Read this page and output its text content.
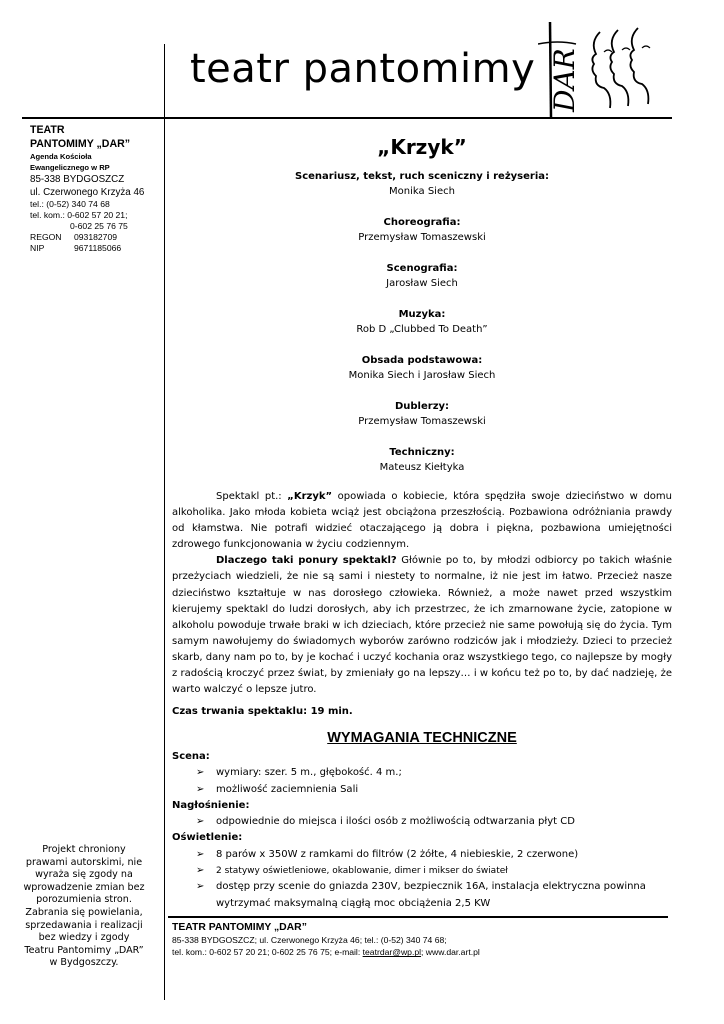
teatr pantomimy DAR
TEATR
PANTOMIMY „DAR”
Agenda Kościoła
Ewangelicznego w RP
85-338 BYDGOSZCZ
ul. Czerwonego Krzyża 46
tel.: (0-52) 340 74 68
tel. kom.: 0-602 57 20 21;
0-602 25 76 75
REGON	093182709
NIP	9671185066
Projekt chroniony
prawami autorskimi, nie
wyraża się zgody na
wprowadzenie zmian bez
porozumienia stron.
Zabrania się powielania,
sprzedawania i realizacji
bez wiedzy i zgody
Teatru Pantomimy „DAR”
w Bydgoszczy.
„Krzyk”
Scenariusz, tekst, ruch sceniczny i reżyseria:
Monika Siech
Choreografia:
Przemysław Tomaszewski
Scenografia:
Jarosław Siech
Muzyka:
Rob D „Clubbed To Death”
Obsada podstawowa:
Monika Siech i Jarosław Siech
Dublerzy:
Przemysław Tomaszewski
Techniczny:
Mateusz Kiełtyka

Spektakl pt.: „Krzyk” opowiada o kobiecie, która spędziła swoje dzieciństwo w domu alkoholika. Jako młoda kobieta wciąż jest obciążona przeszłością. Pozbawiona odróżniania prawdy od kłamstwa. Nie potrafi widzieć otaczającego ją dobra i piękna, pozbawiona umiejętności zdrowego funkcjonowania w życiu codziennym.

Dlaczego taki ponury spektakl? Głównie po to, by młodzi odbiorcy po takich właśnie przeżyciach wiedzieli, że nie są sami i niestety to normalne, iż nie jest im łatwo. Przecież nasze dzieciństwo kształtuje w nas dorosłego człowieka. Również, a może nawet przed wszystkim kierujemy spektakl do ludzi dorosłych, aby ich przestrzec, że ich zmarnowane życie, zatopione w alkoholu powoduje trwałe braki w ich dzieciach, które przecież nie same powołują się do życia. Tym samym nawołujemy do świadomych wyborów zarówno rodziców jak i młodzieży. Dzieci to przecież skarb, dany nam po to, by je kochać i uczyć kochania oraz wszystkiego tego, co najlepsze by mogły z radością kroczyć przez świat, by zmieniały go na lepszy… i w końcu też po to, by dać nadzieję, że warto walczyć o lepsze jutro.

Czas trwania spektaklu: 19 min.
WYMAGANIA TECHNICZNE
Scena:
➢	wymiary: szer. 5 m., głębokość. 4 m.;
➢	możliwość zaciemnienia Sali
Nagłośnienie:
➢	odpowiednie do miejsca i ilości osób z możliwością odtwarzania płyt CD
Oświetlenie:
➢	8 parów x 350W z ramkami do filtrów (2 żółte, 4 niebieskie, 2 czerwone)
➢	2 statywy oświetleniowe, okablowanie, dimer i mikser do świateł
➢	dostęp przy scenie do gniazda 230V, bezpiecznik 16A, instalacja elektryczna powinna wytrzymać maksymalną ciągłą moc obciążenia 2,5 KW
TEATR PANTOMIMY „DAR”
85-338 BYDGOSZCZ; ul. Czerwonego Krzyża 46; tel.: (0-52) 340 74 68;
tel. kom.: 0-602 57 20 21; 0-602 25 76 75; e-mail: teatrdar@wp.pl; www.dar.art.pl
